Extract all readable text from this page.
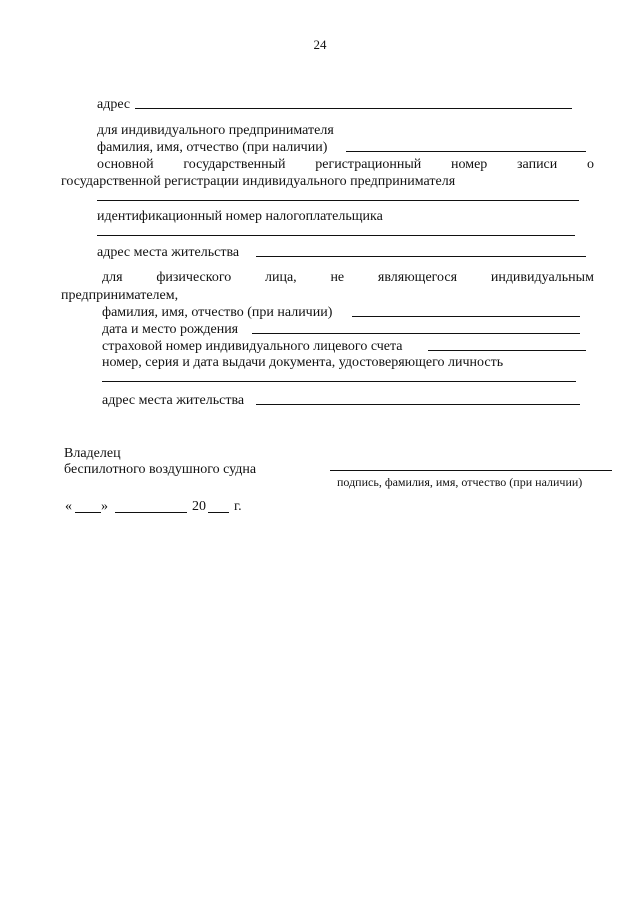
24
адрес
для индивидуального предпринимателя
фамилия, имя, отчество (при наличии)
основной государственный регистрационный номер записи о
государственной регистрации индивидуального предпринимателя
идентификационный номер налогоплательщика
адрес места жительства
для физического лица, не являющегося индивидуальным
предпринимателем,
фамилия, имя, отчество (при наличии)
дата и место рождения
страховой номер индивидуального лицевого счета
номер, серия и дата выдачи документа, удостоверяющего личность
адрес места жительства
Владелец
беспилотного воздушного судна
подпись, фамилия, имя, отчество (при наличии)
« »	20 г.
